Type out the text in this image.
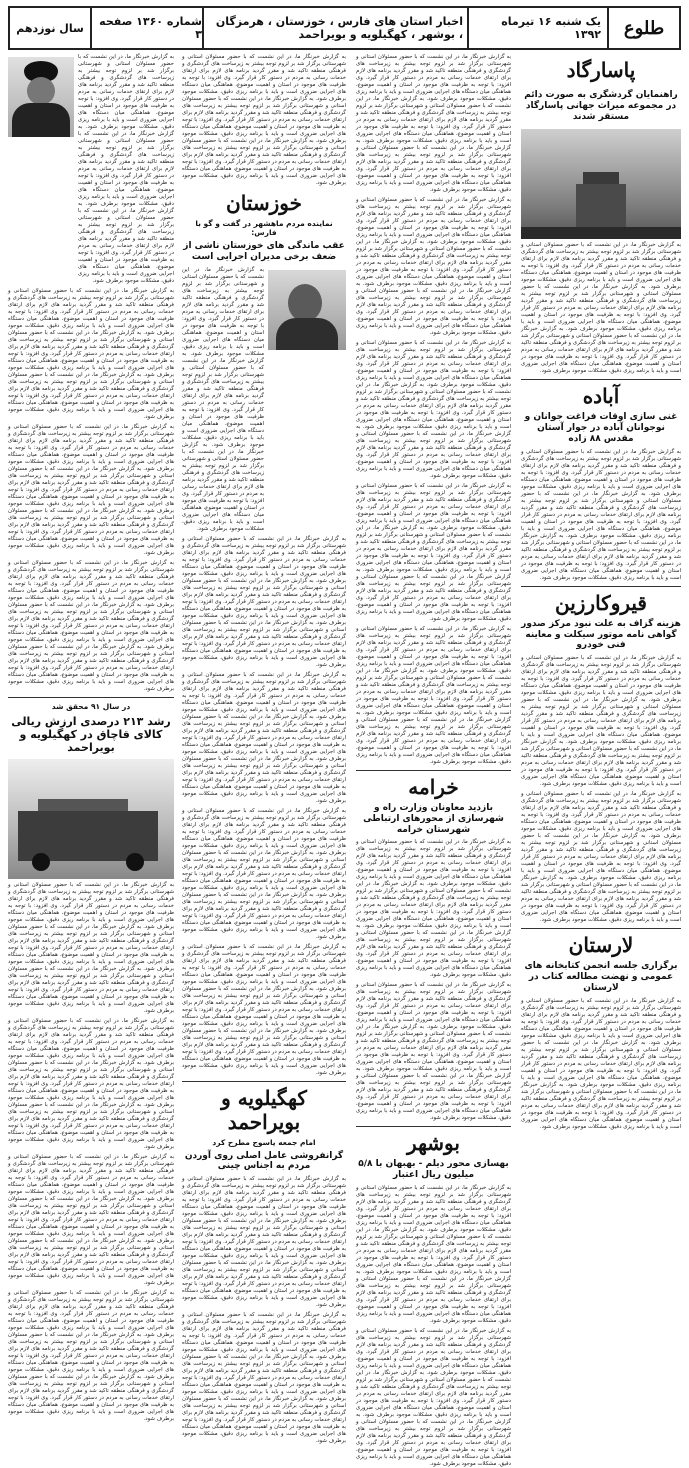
طلوع
یک شنبه ۱۶ تیرماه ۱۳۹۲
اخبار استان های فارس ، خوزستان ، هرمزگان ، بوشهر ، کهگیلویه و بویراحمد
شماره ۱۳۶۰ صفحه ۳
سال نوزدهم
پاسارگاد
راهنمایان گردشگری به صورت دائم در مجموعه میراث جهانی پاسارگاد مستقر شدند

به گزارش خبرنگار ما، در این نشست که با حضور مسئولان استانی و شهرستانی برگزار شد بر لزوم توجه بیشتر به زیرساخت های گردشگری و فرهنگی منطقه تاکید شد و مقرر گردید برنامه های لازم برای ارتقای خدمات رسانی به مردم در دستور کار قرار گیرد. وی افزود: با توجه به ظرفیت های موجود در استان و اهمیت موضوع، هماهنگی میان دستگاه های اجرایی ضروری است و باید با برنامه ریزی دقیق، مشکلات موجود برطرف شود. به گزارش خبرنگار ما، در این نشست که با حضور مسئولان استانی و شهرستانی برگزار شد بر لزوم توجه بیشتر به زیرساخت های گردشگری و فرهنگی منطقه تاکید شد و مقرر گردید برنامه های لازم برای ارتقای خدمات رسانی به مردم در دستور کار قرار گیرد. وی افزود: با توجه به ظرفیت های موجود در استان و اهمیت موضوع، هماهنگی میان دستگاه های اجرایی ضروری است و باید با برنامه ریزی دقیق، مشکلات موجود برطرف شود. به گزارش خبرنگار ما، در این نشست که با حضور مسئولان استانی و شهرستانی برگزار شد بر لزوم توجه بیشتر به زیرساخت های گردشگری و فرهنگی منطقه تاکید شد و مقرر گردید برنامه های لازم برای ارتقای خدمات رسانی به مردم در دستور کار قرار گیرد. وی افزود: با توجه به ظرفیت های موجود در استان و اهمیت موضوع، هماهنگی میان دستگاه های اجرایی ضروری است و باید با برنامه ریزی دقیق، مشکلات موجود برطرف شود.

آباده
غنی سازی اوقات فراغت جوانان و نوجوانان آباده در جوار آستان مقدس ۸۸ زاده

به گزارش خبرنگار ما، در این نشست که با حضور مسئولان استانی و شهرستانی برگزار شد بر لزوم توجه بیشتر به زیرساخت های گردشگری و فرهنگی منطقه تاکید شد و مقرر گردید برنامه های لازم برای ارتقای خدمات رسانی به مردم در دستور کار قرار گیرد. وی افزود: با توجه به ظرفیت های موجود در استان و اهمیت موضوع، هماهنگی میان دستگاه های اجرایی ضروری است و باید با برنامه ریزی دقیق، مشکلات موجود برطرف شود. به گزارش خبرنگار ما، در این نشست که با حضور مسئولان استانی و شهرستانی برگزار شد بر لزوم توجه بیشتر به زیرساخت های گردشگری و فرهنگی منطقه تاکید شد و مقرر گردید برنامه های لازم برای ارتقای خدمات رسانی به مردم در دستور کار قرار گیرد. وی افزود: با توجه به ظرفیت های موجود در استان و اهمیت موضوع، هماهنگی میان دستگاه های اجرایی ضروری است و باید با برنامه ریزی دقیق، مشکلات موجود برطرف شود. به گزارش خبرنگار ما، در این نشست که با حضور مسئولان استانی و شهرستانی برگزار شد بر لزوم توجه بیشتر به زیرساخت های گردشگری و فرهنگی منطقه تاکید شد و مقرر گردید برنامه های لازم برای ارتقای خدمات رسانی به مردم در دستور کار قرار گیرد. وی افزود: با توجه به ظرفیت های موجود در استان و اهمیت موضوع، هماهنگی میان دستگاه های اجرایی ضروری است و باید با برنامه ریزی دقیق، مشکلات موجود برطرف شود.

قیروکارزین
هزینه گزاف به علت نبود مرکز صدور گواهی نامه موتور سیکلت و معاینه فنی خودرو

به گزارش خبرنگار ما، در این نشست که با حضور مسئولان استانی و شهرستانی برگزار شد بر لزوم توجه بیشتر به زیرساخت های گردشگری و فرهنگی منطقه تاکید شد و مقرر گردید برنامه های لازم برای ارتقای خدمات رسانی به مردم در دستور کار قرار گیرد. وی افزود: با توجه به ظرفیت های موجود در استان و اهمیت موضوع، هماهنگی میان دستگاه های اجرایی ضروری است و باید با برنامه ریزی دقیق، مشکلات موجود برطرف شود. به گزارش خبرنگار ما، در این نشست که با حضور مسئولان استانی و شهرستانی برگزار شد بر لزوم توجه بیشتر به زیرساخت های گردشگری و فرهنگی منطقه تاکید شد و مقرر گردید برنامه های لازم برای ارتقای خدمات رسانی به مردم در دستور کار قرار گیرد. وی افزود: با توجه به ظرفیت های موجود در استان و اهمیت موضوع، هماهنگی میان دستگاه های اجرایی ضروری است و باید با برنامه ریزی دقیق، مشکلات موجود برطرف شود. به گزارش خبرنگار ما، در این نشست که با حضور مسئولان استانی و شهرستانی برگزار شد بر لزوم توجه بیشتر به زیرساخت های گردشگری و فرهنگی منطقه تاکید شد و مقرر گردید برنامه های لازم برای ارتقای خدمات رسانی به مردم در دستور کار قرار گیرد. وی افزود: با توجه به ظرفیت های موجود در استان و اهمیت موضوع، هماهنگی میان دستگاه های اجرایی ضروری است و باید با برنامه ریزی دقیق، مشکلات موجود برطرف شود.

به گزارش خبرنگار ما، در این نشست که با حضور مسئولان استانی و شهرستانی برگزار شد بر لزوم توجه بیشتر به زیرساخت های گردشگری و فرهنگی منطقه تاکید شد و مقرر گردید برنامه های لازم برای ارتقای خدمات رسانی به مردم در دستور کار قرار گیرد. وی افزود: با توجه به ظرفیت های موجود در استان و اهمیت موضوع، هماهنگی میان دستگاه های اجرایی ضروری است و باید با برنامه ریزی دقیق، مشکلات موجود برطرف شود. به گزارش خبرنگار ما، در این نشست که با حضور مسئولان استانی و شهرستانی برگزار شد بر لزوم توجه بیشتر به زیرساخت های گردشگری و فرهنگی منطقه تاکید شد و مقرر گردید برنامه های لازم برای ارتقای خدمات رسانی به مردم در دستور کار قرار گیرد. وی افزود: با توجه به ظرفیت های موجود در استان و اهمیت موضوع، هماهنگی میان دستگاه های اجرایی ضروری است و باید با برنامه ریزی دقیق، مشکلات موجود برطرف شود. به گزارش خبرنگار ما، در این نشست که با حضور مسئولان استانی و شهرستانی برگزار شد بر لزوم توجه بیشتر به زیرساخت های گردشگری و فرهنگی منطقه تاکید شد و مقرر گردید برنامه های لازم برای ارتقای خدمات رسانی به مردم در دستور کار قرار گیرد. وی افزود: با توجه به ظرفیت های موجود در استان و اهمیت موضوع، هماهنگی میان دستگاه های اجرایی ضروری است و باید با برنامه ریزی دقیق، مشکلات موجود برطرف شود.

لارستان
برگزاری جلسه انجمن کتابخانه های عمومی و نهضت مطالعه کتاب در لارستان

به گزارش خبرنگار ما، در این نشست که با حضور مسئولان استانی و شهرستانی برگزار شد بر لزوم توجه بیشتر به زیرساخت های گردشگری و فرهنگی منطقه تاکید شد و مقرر گردید برنامه های لازم برای ارتقای خدمات رسانی به مردم در دستور کار قرار گیرد. وی افزود: با توجه به ظرفیت های موجود در استان و اهمیت موضوع، هماهنگی میان دستگاه های اجرایی ضروری است و باید با برنامه ریزی دقیق، مشکلات موجود برطرف شود. به گزارش خبرنگار ما، در این نشست که با حضور مسئولان استانی و شهرستانی برگزار شد بر لزوم توجه بیشتر به زیرساخت های گردشگری و فرهنگی منطقه تاکید شد و مقرر گردید برنامه های لازم برای ارتقای خدمات رسانی به مردم در دستور کار قرار گیرد. وی افزود: با توجه به ظرفیت های موجود در استان و اهمیت موضوع، هماهنگی میان دستگاه های اجرایی ضروری است و باید با برنامه ریزی دقیق، مشکلات موجود برطرف شود. به گزارش خبرنگار ما، در این نشست که با حضور مسئولان استانی و شهرستانی برگزار شد بر لزوم توجه بیشتر به زیرساخت های گردشگری و فرهنگی منطقه تاکید شد و مقرر گردید برنامه های لازم برای ارتقای خدمات رسانی به مردم در دستور کار قرار گیرد. وی افزود: با توجه به ظرفیت های موجود در استان و اهمیت موضوع، هماهنگی میان دستگاه های اجرایی ضروری است و باید با برنامه ریزی دقیق، مشکلات موجود برطرف شود.

به گزارش خبرنگار ما، در این نشست که با حضور مسئولان استانی و شهرستانی برگزار شد بر لزوم توجه بیشتر به زیرساخت های گردشگری و فرهنگی منطقه تاکید شد و مقرر گردید برنامه های لازم برای ارتقای خدمات رسانی به مردم در دستور کار قرار گیرد. وی افزود: با توجه به ظرفیت های موجود در استان و اهمیت موضوع، هماهنگی میان دستگاه های اجرایی ضروری است و باید با برنامه ریزی دقیق، مشکلات موجود برطرف شود. به گزارش خبرنگار ما، در این نشست که با حضور مسئولان استانی و شهرستانی برگزار شد بر لزوم توجه بیشتر به زیرساخت های گردشگری و فرهنگی منطقه تاکید شد و مقرر گردید برنامه های لازم برای ارتقای خدمات رسانی به مردم در دستور کار قرار گیرد. وی افزود: با توجه به ظرفیت های موجود در استان و اهمیت موضوع، هماهنگی میان دستگاه های اجرایی ضروری است و باید با برنامه ریزی دقیق، مشکلات موجود برطرف شود. به گزارش خبرنگار ما، در این نشست که با حضور مسئولان استانی و شهرستانی برگزار شد بر لزوم توجه بیشتر به زیرساخت های گردشگری و فرهنگی منطقه تاکید شد و مقرر گردید برنامه های لازم برای ارتقای خدمات رسانی به مردم در دستور کار قرار گیرد. وی افزود: با توجه به ظرفیت های موجود در استان و اهمیت موضوع، هماهنگی میان دستگاه های اجرایی ضروری است و باید با برنامه ریزی دقیق، مشکلات موجود برطرف شود.

به گزارش خبرنگار ما، در این نشست که با حضور مسئولان استانی و شهرستانی برگزار شد بر لزوم توجه بیشتر به زیرساخت های گردشگری و فرهنگی منطقه تاکید شد و مقرر گردید برنامه های لازم برای ارتقای خدمات رسانی به مردم در دستور کار قرار گیرد. وی افزود: با توجه به ظرفیت های موجود در استان و اهمیت موضوع، هماهنگی میان دستگاه های اجرایی ضروری است و باید با برنامه ریزی دقیق، مشکلات موجود برطرف شود. به گزارش خبرنگار ما، در این نشست که با حضور مسئولان استانی و شهرستانی برگزار شد بر لزوم توجه بیشتر به زیرساخت های گردشگری و فرهنگی منطقه تاکید شد و مقرر گردید برنامه های لازم برای ارتقای خدمات رسانی به مردم در دستور کار قرار گیرد. وی افزود: با توجه به ظرفیت های موجود در استان و اهمیت موضوع، هماهنگی میان دستگاه های اجرایی ضروری است و باید با برنامه ریزی دقیق، مشکلات موجود برطرف شود. به گزارش خبرنگار ما، در این نشست که با حضور مسئولان استانی و شهرستانی برگزار شد بر لزوم توجه بیشتر به زیرساخت های گردشگری و فرهنگی منطقه تاکید شد و مقرر گردید برنامه های لازم برای ارتقای خدمات رسانی به مردم در دستور کار قرار گیرد. وی افزود: با توجه به ظرفیت های موجود در استان و اهمیت موضوع، هماهنگی میان دستگاه های اجرایی ضروری است و باید با برنامه ریزی دقیق، مشکلات موجود برطرف شود.

به گزارش خبرنگار ما، در این نشست که با حضور مسئولان استانی و شهرستانی برگزار شد بر لزوم توجه بیشتر به زیرساخت های گردشگری و فرهنگی منطقه تاکید شد و مقرر گردید برنامه های لازم برای ارتقای خدمات رسانی به مردم در دستور کار قرار گیرد. وی افزود: با توجه به ظرفیت های موجود در استان و اهمیت موضوع، هماهنگی میان دستگاه های اجرایی ضروری است و باید با برنامه ریزی دقیق، مشکلات موجود برطرف شود. به گزارش خبرنگار ما، در این نشست که با حضور مسئولان استانی و شهرستانی برگزار شد بر لزوم توجه بیشتر به زیرساخت های گردشگری و فرهنگی منطقه تاکید شد و مقرر گردید برنامه های لازم برای ارتقای خدمات رسانی به مردم در دستور کار قرار گیرد. وی افزود: با توجه به ظرفیت های موجود در استان و اهمیت موضوع، هماهنگی میان دستگاه های اجرایی ضروری است و باید با برنامه ریزی دقیق، مشکلات موجود برطرف شود. به گزارش خبرنگار ما، در این نشست که با حضور مسئولان استانی و شهرستانی برگزار شد بر لزوم توجه بیشتر به زیرساخت های گردشگری و فرهنگی منطقه تاکید شد و مقرر گردید برنامه های لازم برای ارتقای خدمات رسانی به مردم در دستور کار قرار گیرد. وی افزود: با توجه به ظرفیت های موجود در استان و اهمیت موضوع، هماهنگی میان دستگاه های اجرایی ضروری است و باید با برنامه ریزی دقیق، مشکلات موجود برطرف شود.

به گزارش خبرنگار ما، در این نشست که با حضور مسئولان استانی و شهرستانی برگزار شد بر لزوم توجه بیشتر به زیرساخت های گردشگری و فرهنگی منطقه تاکید شد و مقرر گردید برنامه های لازم برای ارتقای خدمات رسانی به مردم در دستور کار قرار گیرد. وی افزود: با توجه به ظرفیت های موجود در استان و اهمیت موضوع، هماهنگی میان دستگاه های اجرایی ضروری است و باید با برنامه ریزی دقیق، مشکلات موجود برطرف شود. به گزارش خبرنگار ما، در این نشست که با حضور مسئولان استانی و شهرستانی برگزار شد بر لزوم توجه بیشتر به زیرساخت های گردشگری و فرهنگی منطقه تاکید شد و مقرر گردید برنامه های لازم برای ارتقای خدمات رسانی به مردم در دستور کار قرار گیرد. وی افزود: با توجه به ظرفیت های موجود در استان و اهمیت موضوع، هماهنگی میان دستگاه های اجرایی ضروری است و باید با برنامه ریزی دقیق، مشکلات موجود برطرف شود. به گزارش خبرنگار ما، در این نشست که با حضور مسئولان استانی و شهرستانی برگزار شد بر لزوم توجه بیشتر به زیرساخت های گردشگری و فرهنگی منطقه تاکید شد و مقرر گردید برنامه های لازم برای ارتقای خدمات رسانی به مردم در دستور کار قرار گیرد. وی افزود: با توجه به ظرفیت های موجود در استان و اهمیت موضوع، هماهنگی میان دستگاه های اجرایی ضروری است و باید با برنامه ریزی دقیق، مشکلات موجود برطرف شود.

به گزارش خبرنگار ما، در این نشست که با حضور مسئولان استانی و شهرستانی برگزار شد بر لزوم توجه بیشتر به زیرساخت های گردشگری و فرهنگی منطقه تاکید شد و مقرر گردید برنامه های لازم برای ارتقای خدمات رسانی به مردم در دستور کار قرار گیرد. وی افزود: با توجه به ظرفیت های موجود در استان و اهمیت موضوع، هماهنگی میان دستگاه های اجرایی ضروری است و باید با برنامه ریزی دقیق، مشکلات موجود برطرف شود. به گزارش خبرنگار ما، در این نشست که با حضور مسئولان استانی و شهرستانی برگزار شد بر لزوم توجه بیشتر به زیرساخت های گردشگری و فرهنگی منطقه تاکید شد و مقرر گردید برنامه های لازم برای ارتقای خدمات رسانی به مردم در دستور کار قرار گیرد. وی افزود: با توجه به ظرفیت های موجود در استان و اهمیت موضوع، هماهنگی میان دستگاه های اجرایی ضروری است و باید با برنامه ریزی دقیق، مشکلات موجود برطرف شود. به گزارش خبرنگار ما، در این نشست که با حضور مسئولان استانی و شهرستانی برگزار شد بر لزوم توجه بیشتر به زیرساخت های گردشگری و فرهنگی منطقه تاکید شد و مقرر گردید برنامه های لازم برای ارتقای خدمات رسانی به مردم در دستور کار قرار گیرد. وی افزود: با توجه به ظرفیت های موجود در استان و اهمیت موضوع، هماهنگی میان دستگاه های اجرایی ضروری است و باید با برنامه ریزی دقیق، مشکلات موجود برطرف شود.

خرامه
بازدید معاونان وزارت راه و شهرسازی از محورهای ارتباطی شهرستان خرامه

به گزارش خبرنگار ما، در این نشست که با حضور مسئولان استانی و شهرستانی برگزار شد بر لزوم توجه بیشتر به زیرساخت های گردشگری و فرهنگی منطقه تاکید شد و مقرر گردید برنامه های لازم برای ارتقای خدمات رسانی به مردم در دستور کار قرار گیرد. وی افزود: با توجه به ظرفیت های موجود در استان و اهمیت موضوع، هماهنگی میان دستگاه های اجرایی ضروری است و باید با برنامه ریزی دقیق، مشکلات موجود برطرف شود. به گزارش خبرنگار ما، در این نشست که با حضور مسئولان استانی و شهرستانی برگزار شد بر لزوم توجه بیشتر به زیرساخت های گردشگری و فرهنگی منطقه تاکید شد و مقرر گردید برنامه های لازم برای ارتقای خدمات رسانی به مردم در دستور کار قرار گیرد. وی افزود: با توجه به ظرفیت های موجود در استان و اهمیت موضوع، هماهنگی میان دستگاه های اجرایی ضروری است و باید با برنامه ریزی دقیق، مشکلات موجود برطرف شود. به گزارش خبرنگار ما، در این نشست که با حضور مسئولان استانی و شهرستانی برگزار شد بر لزوم توجه بیشتر به زیرساخت های گردشگری و فرهنگی منطقه تاکید شد و مقرر گردید برنامه های لازم برای ارتقای خدمات رسانی به مردم در دستور کار قرار گیرد. وی افزود: با توجه به ظرفیت های موجود در استان و اهمیت موضوع، هماهنگی میان دستگاه های اجرایی ضروری است و باید با برنامه ریزی دقیق، مشکلات موجود برطرف شود.

به گزارش خبرنگار ما، در این نشست که با حضور مسئولان استانی و شهرستانی برگزار شد بر لزوم توجه بیشتر به زیرساخت های گردشگری و فرهنگی منطقه تاکید شد و مقرر گردید برنامه های لازم برای ارتقای خدمات رسانی به مردم در دستور کار قرار گیرد. وی افزود: با توجه به ظرفیت های موجود در استان و اهمیت موضوع، هماهنگی میان دستگاه های اجرایی ضروری است و باید با برنامه ریزی دقیق، مشکلات موجود برطرف شود. به گزارش خبرنگار ما، در این نشست که با حضور مسئولان استانی و شهرستانی برگزار شد بر لزوم توجه بیشتر به زیرساخت های گردشگری و فرهنگی منطقه تاکید شد و مقرر گردید برنامه های لازم برای ارتقای خدمات رسانی به مردم در دستور کار قرار گیرد. وی افزود: با توجه به ظرفیت های موجود در استان و اهمیت موضوع، هماهنگی میان دستگاه های اجرایی ضروری است و باید با برنامه ریزی دقیق، مشکلات موجود برطرف شود. به گزارش خبرنگار ما، در این نشست که با حضور مسئولان استانی و شهرستانی برگزار شد بر لزوم توجه بیشتر به زیرساخت های گردشگری و فرهنگی منطقه تاکید شد و مقرر گردید برنامه های لازم برای ارتقای خدمات رسانی به مردم در دستور کار قرار گیرد. وی افزود: با توجه به ظرفیت های موجود در استان و اهمیت موضوع، هماهنگی میان دستگاه های اجرایی ضروری است و باید با برنامه ریزی دقیق، مشکلات موجود برطرف شود.

بوشهر
بهسازی محور دیلم - بهبهان با ۵/۸ میلیون ریال اعتبار

به گزارش خبرنگار ما، در این نشست که با حضور مسئولان استانی و شهرستانی برگزار شد بر لزوم توجه بیشتر به زیرساخت های گردشگری و فرهنگی منطقه تاکید شد و مقرر گردید برنامه های لازم برای ارتقای خدمات رسانی به مردم در دستور کار قرار گیرد. وی افزود: با توجه به ظرفیت های موجود در استان و اهمیت موضوع، هماهنگی میان دستگاه های اجرایی ضروری است و باید با برنامه ریزی دقیق، مشکلات موجود برطرف شود. به گزارش خبرنگار ما، در این نشست که با حضور مسئولان استانی و شهرستانی برگزار شد بر لزوم توجه بیشتر به زیرساخت های گردشگری و فرهنگی منطقه تاکید شد و مقرر گردید برنامه های لازم برای ارتقای خدمات رسانی به مردم در دستور کار قرار گیرد. وی افزود: با توجه به ظرفیت های موجود در استان و اهمیت موضوع، هماهنگی میان دستگاه های اجرایی ضروری است و باید با برنامه ریزی دقیق، مشکلات موجود برطرف شود. به گزارش خبرنگار ما، در این نشست که با حضور مسئولان استانی و شهرستانی برگزار شد بر لزوم توجه بیشتر به زیرساخت های گردشگری و فرهنگی منطقه تاکید شد و مقرر گردید برنامه های لازم برای ارتقای خدمات رسانی به مردم در دستور کار قرار گیرد. وی افزود: با توجه به ظرفیت های موجود در استان و اهمیت موضوع، هماهنگی میان دستگاه های اجرایی ضروری است و باید با برنامه ریزی دقیق، مشکلات موجود برطرف شود.

به گزارش خبرنگار ما، در این نشست که با حضور مسئولان استانی و شهرستانی برگزار شد بر لزوم توجه بیشتر به زیرساخت های گردشگری و فرهنگی منطقه تاکید شد و مقرر گردید برنامه های لازم برای ارتقای خدمات رسانی به مردم در دستور کار قرار گیرد. وی افزود: با توجه به ظرفیت های موجود در استان و اهمیت موضوع، هماهنگی میان دستگاه های اجرایی ضروری است و باید با برنامه ریزی دقیق، مشکلات موجود برطرف شود. به گزارش خبرنگار ما، در این نشست که با حضور مسئولان استانی و شهرستانی برگزار شد بر لزوم توجه بیشتر به زیرساخت های گردشگری و فرهنگی منطقه تاکید شد و مقرر گردید برنامه های لازم برای ارتقای خدمات رسانی به مردم در دستور کار قرار گیرد. وی افزود: با توجه به ظرفیت های موجود در استان و اهمیت موضوع، هماهنگی میان دستگاه های اجرایی ضروری است و باید با برنامه ریزی دقیق، مشکلات موجود برطرف شود. به گزارش خبرنگار ما، در این نشست که با حضور مسئولان استانی و شهرستانی برگزار شد بر لزوم توجه بیشتر به زیرساخت های گردشگری و فرهنگی منطقه تاکید شد و مقرر گردید برنامه های لازم برای ارتقای خدمات رسانی به مردم در دستور کار قرار گیرد. وی افزود: با توجه به ظرفیت های موجود در استان و اهمیت موضوع، هماهنگی میان دستگاه های اجرایی ضروری است و باید با برنامه ریزی دقیق، مشکلات موجود برطرف شود.

به گزارش خبرنگار ما، در این نشست که با حضور مسئولان استانی و شهرستانی برگزار شد بر لزوم توجه بیشتر به زیرساخت های گردشگری و فرهنگی منطقه تاکید شد و مقرر گردید برنامه های لازم برای ارتقای خدمات رسانی به مردم در دستور کار قرار گیرد. وی افزود: با توجه به ظرفیت های موجود در استان و اهمیت موضوع، هماهنگی میان دستگاه های اجرایی ضروری است و باید با برنامه ریزی دقیق، مشکلات موجود برطرف شود. به گزارش خبرنگار ما، در این نشست که با حضور مسئولان استانی و شهرستانی برگزار شد بر لزوم توجه بیشتر به زیرساخت های گردشگری و فرهنگی منطقه تاکید شد و مقرر گردید برنامه های لازم برای ارتقای خدمات رسانی به مردم در دستور کار قرار گیرد. وی افزود: با توجه به ظرفیت های موجود در استان و اهمیت موضوع، هماهنگی میان دستگاه های اجرایی ضروری است و باید با برنامه ریزی دقیق، مشکلات موجود برطرف شود. به گزارش خبرنگار ما، در این نشست که با حضور مسئولان استانی و شهرستانی برگزار شد بر لزوم توجه بیشتر به زیرساخت های گردشگری و فرهنگی منطقه تاکید شد و مقرر گردید برنامه های لازم برای ارتقای خدمات رسانی به مردم در دستور کار قرار گیرد. وی افزود: با توجه به ظرفیت های موجود در استان و اهمیت موضوع، هماهنگی میان دستگاه های اجرایی ضروری است و باید با برنامه ریزی دقیق، مشکلات موجود برطرف شود.

خوزستان
نماینده مردم ماهشهر در گفت و گو با فارس:
عقب ماندگی های خوزستان ناشی از ضعف برخی مدیران اجرایی است

به گزارش خبرنگار ما، در این نشست که با حضور مسئولان استانی و شهرستانی برگزار شد بر لزوم توجه بیشتر به زیرساخت های گردشگری و فرهنگی منطقه تاکید شد و مقرر گردید برنامه های لازم برای ارتقای خدمات رسانی به مردم در دستور کار قرار گیرد. وی افزود: با توجه به ظرفیت های موجود در استان و اهمیت موضوع، هماهنگی میان دستگاه های اجرایی ضروری است و باید با برنامه ریزی دقیق، مشکلات موجود برطرف شود. به گزارش خبرنگار ما، در این نشست که با حضور مسئولان استانی و شهرستانی برگزار شد بر لزوم توجه بیشتر به زیرساخت های گردشگری و فرهنگی منطقه تاکید شد و مقرر گردید برنامه های لازم برای ارتقای خدمات رسانی به مردم در دستور کار قرار گیرد. وی افزود: با توجه به ظرفیت های موجود در استان و اهمیت موضوع، هماهنگی میان دستگاه های اجرایی ضروری است و باید با برنامه ریزی دقیق، مشکلات موجود برطرف شود. به گزارش خبرنگار ما، در این نشست که با حضور مسئولان استانی و شهرستانی برگزار شد بر لزوم توجه بیشتر به زیرساخت های گردشگری و فرهنگی منطقه تاکید شد و مقرر گردید برنامه های لازم برای ارتقای خدمات رسانی به مردم در دستور کار قرار گیرد. وی افزود: با توجه به ظرفیت های موجود در استان و اهمیت موضوع، هماهنگی میان دستگاه های اجرایی ضروری است و باید با برنامه ریزی دقیق، مشکلات موجود برطرف شود.

به گزارش خبرنگار ما، در این نشست که با حضور مسئولان استانی و شهرستانی برگزار شد بر لزوم توجه بیشتر به زیرساخت های گردشگری و فرهنگی منطقه تاکید شد و مقرر گردید برنامه های لازم برای ارتقای خدمات رسانی به مردم در دستور کار قرار گیرد. وی افزود: با توجه به ظرفیت های موجود در استان و اهمیت موضوع، هماهنگی میان دستگاه های اجرایی ضروری است و باید با برنامه ریزی دقیق، مشکلات موجود برطرف شود. به گزارش خبرنگار ما، در این نشست که با حضور مسئولان استانی و شهرستانی برگزار شد بر لزوم توجه بیشتر به زیرساخت های گردشگری و فرهنگی منطقه تاکید شد و مقرر گردید برنامه های لازم برای ارتقای خدمات رسانی به مردم در دستور کار قرار گیرد. وی افزود: با توجه به ظرفیت های موجود در استان و اهمیت موضوع، هماهنگی میان دستگاه های اجرایی ضروری است و باید با برنامه ریزی دقیق، مشکلات موجود برطرف شود. به گزارش خبرنگار ما، در این نشست که با حضور مسئولان استانی و شهرستانی برگزار شد بر لزوم توجه بیشتر به زیرساخت های گردشگری و فرهنگی منطقه تاکید شد و مقرر گردید برنامه های لازم برای ارتقای خدمات رسانی به مردم در دستور کار قرار گیرد. وی افزود: با توجه به ظرفیت های موجود در استان و اهمیت موضوع، هماهنگی میان دستگاه های اجرایی ضروری است و باید با برنامه ریزی دقیق، مشکلات موجود برطرف شود.

به گزارش خبرنگار ما، در این نشست که با حضور مسئولان استانی و شهرستانی برگزار شد بر لزوم توجه بیشتر به زیرساخت های گردشگری و فرهنگی منطقه تاکید شد و مقرر گردید برنامه های لازم برای ارتقای خدمات رسانی به مردم در دستور کار قرار گیرد. وی افزود: با توجه به ظرفیت های موجود در استان و اهمیت موضوع، هماهنگی میان دستگاه های اجرایی ضروری است و باید با برنامه ریزی دقیق، مشکلات موجود برطرف شود. به گزارش خبرنگار ما، در این نشست که با حضور مسئولان استانی و شهرستانی برگزار شد بر لزوم توجه بیشتر به زیرساخت های گردشگری و فرهنگی منطقه تاکید شد و مقرر گردید برنامه های لازم برای ارتقای خدمات رسانی به مردم در دستور کار قرار گیرد. وی افزود: با توجه به ظرفیت های موجود در استان و اهمیت موضوع، هماهنگی میان دستگاه های اجرایی ضروری است و باید با برنامه ریزی دقیق، مشکلات موجود برطرف شود. به گزارش خبرنگار ما، در این نشست که با حضور مسئولان استانی و شهرستانی برگزار شد بر لزوم توجه بیشتر به زیرساخت های گردشگری و فرهنگی منطقه تاکید شد و مقرر گردید برنامه های لازم برای ارتقای خدمات رسانی به مردم در دستور کار قرار گیرد. وی افزود: با توجه به ظرفیت های موجود در استان و اهمیت موضوع، هماهنگی میان دستگاه های اجرایی ضروری است و باید با برنامه ریزی دقیق، مشکلات موجود برطرف شود.

به گزارش خبرنگار ما، در این نشست که با حضور مسئولان استانی و شهرستانی برگزار شد بر لزوم توجه بیشتر به زیرساخت های گردشگری و فرهنگی منطقه تاکید شد و مقرر گردید برنامه های لازم برای ارتقای خدمات رسانی به مردم در دستور کار قرار گیرد. وی افزود: با توجه به ظرفیت های موجود در استان و اهمیت موضوع، هماهنگی میان دستگاه های اجرایی ضروری است و باید با برنامه ریزی دقیق، مشکلات موجود برطرف شود. به گزارش خبرنگار ما، در این نشست که با حضور مسئولان استانی و شهرستانی برگزار شد بر لزوم توجه بیشتر به زیرساخت های گردشگری و فرهنگی منطقه تاکید شد و مقرر گردید برنامه های لازم برای ارتقای خدمات رسانی به مردم در دستور کار قرار گیرد. وی افزود: با توجه به ظرفیت های موجود در استان و اهمیت موضوع، هماهنگی میان دستگاه های اجرایی ضروری است و باید با برنامه ریزی دقیق، مشکلات موجود برطرف شود. به گزارش خبرنگار ما، در این نشست که با حضور مسئولان استانی و شهرستانی برگزار شد بر لزوم توجه بیشتر به زیرساخت های گردشگری و فرهنگی منطقه تاکید شد و مقرر گردید برنامه های لازم برای ارتقای خدمات رسانی به مردم در دستور کار قرار گیرد. وی افزود: با توجه به ظرفیت های موجود در استان و اهمیت موضوع، هماهنگی میان دستگاه های اجرایی ضروری است و باید با برنامه ریزی دقیق، مشکلات موجود برطرف شود.

به گزارش خبرنگار ما، در این نشست که با حضور مسئولان استانی و شهرستانی برگزار شد بر لزوم توجه بیشتر به زیرساخت های گردشگری و فرهنگی منطقه تاکید شد و مقرر گردید برنامه های لازم برای ارتقای خدمات رسانی به مردم در دستور کار قرار گیرد. وی افزود: با توجه به ظرفیت های موجود در استان و اهمیت موضوع، هماهنگی میان دستگاه های اجرایی ضروری است و باید با برنامه ریزی دقیق، مشکلات موجود برطرف شود. به گزارش خبرنگار ما، در این نشست که با حضور مسئولان استانی و شهرستانی برگزار شد بر لزوم توجه بیشتر به زیرساخت های گردشگری و فرهنگی منطقه تاکید شد و مقرر گردید برنامه های لازم برای ارتقای خدمات رسانی به مردم در دستور کار قرار گیرد. وی افزود: با توجه به ظرفیت های موجود در استان و اهمیت موضوع، هماهنگی میان دستگاه های اجرایی ضروری است و باید با برنامه ریزی دقیق، مشکلات موجود برطرف شود. به گزارش خبرنگار ما، در این نشست که با حضور مسئولان استانی و شهرستانی برگزار شد بر لزوم توجه بیشتر به زیرساخت های گردشگری و فرهنگی منطقه تاکید شد و مقرر گردید برنامه های لازم برای ارتقای خدمات رسانی به مردم در دستور کار قرار گیرد. وی افزود: با توجه به ظرفیت های موجود در استان و اهمیت موضوع، هماهنگی میان دستگاه های اجرایی ضروری است و باید با برنامه ریزی دقیق، مشکلات موجود برطرف شود.

کهگیلویه و بویراحمد
امام جمعه یاسوج مطرح کرد
گرانفروشی عامل اصلی روی آوردن مردم به اجناس چینی

به گزارش خبرنگار ما، در این نشست که با حضور مسئولان استانی و شهرستانی برگزار شد بر لزوم توجه بیشتر به زیرساخت های گردشگری و فرهنگی منطقه تاکید شد و مقرر گردید برنامه های لازم برای ارتقای خدمات رسانی به مردم در دستور کار قرار گیرد. وی افزود: با توجه به ظرفیت های موجود در استان و اهمیت موضوع، هماهنگی میان دستگاه های اجرایی ضروری است و باید با برنامه ریزی دقیق، مشکلات موجود برطرف شود. به گزارش خبرنگار ما، در این نشست که با حضور مسئولان استانی و شهرستانی برگزار شد بر لزوم توجه بیشتر به زیرساخت های گردشگری و فرهنگی منطقه تاکید شد و مقرر گردید برنامه های لازم برای ارتقای خدمات رسانی به مردم در دستور کار قرار گیرد. وی افزود: با توجه به ظرفیت های موجود در استان و اهمیت موضوع، هماهنگی میان دستگاه های اجرایی ضروری است و باید با برنامه ریزی دقیق، مشکلات موجود برطرف شود. به گزارش خبرنگار ما، در این نشست که با حضور مسئولان استانی و شهرستانی برگزار شد بر لزوم توجه بیشتر به زیرساخت های گردشگری و فرهنگی منطقه تاکید شد و مقرر گردید برنامه های لازم برای ارتقای خدمات رسانی به مردم در دستور کار قرار گیرد. وی افزود: با توجه به ظرفیت های موجود در استان و اهمیت موضوع، هماهنگی میان دستگاه های اجرایی ضروری است و باید با برنامه ریزی دقیق، مشکلات موجود برطرف شود.

به گزارش خبرنگار ما، در این نشست که با حضور مسئولان استانی و شهرستانی برگزار شد بر لزوم توجه بیشتر به زیرساخت های گردشگری و فرهنگی منطقه تاکید شد و مقرر گردید برنامه های لازم برای ارتقای خدمات رسانی به مردم در دستور کار قرار گیرد. وی افزود: با توجه به ظرفیت های موجود در استان و اهمیت موضوع، هماهنگی میان دستگاه های اجرایی ضروری است و باید با برنامه ریزی دقیق، مشکلات موجود برطرف شود. به گزارش خبرنگار ما، در این نشست که با حضور مسئولان استانی و شهرستانی برگزار شد بر لزوم توجه بیشتر به زیرساخت های گردشگری و فرهنگی منطقه تاکید شد و مقرر گردید برنامه های لازم برای ارتقای خدمات رسانی به مردم در دستور کار قرار گیرد. وی افزود: با توجه به ظرفیت های موجود در استان و اهمیت موضوع، هماهنگی میان دستگاه های اجرایی ضروری است و باید با برنامه ریزی دقیق، مشکلات موجود برطرف شود. به گزارش خبرنگار ما، در این نشست که با حضور مسئولان استانی و شهرستانی برگزار شد بر لزوم توجه بیشتر به زیرساخت های گردشگری و فرهنگی منطقه تاکید شد و مقرر گردید برنامه های لازم برای ارتقای خدمات رسانی به مردم در دستور کار قرار گیرد. وی افزود: با توجه به ظرفیت های موجود در استان و اهمیت موضوع، هماهنگی میان دستگاه های اجرایی ضروری است و باید با برنامه ریزی دقیق، مشکلات موجود برطرف شود.

به گزارش خبرنگار ما، در این نشست که با حضور مسئولان استانی و شهرستانی برگزار شد بر لزوم توجه بیشتر به زیرساخت های گردشگری و فرهنگی منطقه تاکید شد و مقرر گردید برنامه های لازم برای ارتقای خدمات رسانی به مردم در دستور کار قرار گیرد. وی افزود: با توجه به ظرفیت های موجود در استان و اهمیت موضوع، هماهنگی میان دستگاه های اجرایی ضروری است و باید با برنامه ریزی دقیق، مشکلات موجود برطرف شود. به گزارش خبرنگار ما، در این نشست که با حضور مسئولان استانی و شهرستانی برگزار شد بر لزوم توجه بیشتر به زیرساخت های گردشگری و فرهنگی منطقه تاکید شد و مقرر گردید برنامه های لازم برای ارتقای خدمات رسانی به مردم در دستور کار قرار گیرد. وی افزود: با توجه به ظرفیت های موجود در استان و اهمیت موضوع، هماهنگی میان دستگاه های اجرایی ضروری است و باید با برنامه ریزی دقیق، مشکلات موجود برطرف شود. به گزارش خبرنگار ما، در این نشست که با حضور مسئولان استانی و شهرستانی برگزار شد بر لزوم توجه بیشتر به زیرساخت های گردشگری و فرهنگی منطقه تاکید شد و مقرر گردید برنامه های لازم برای ارتقای خدمات رسانی به مردم در دستور کار قرار گیرد. وی افزود: با توجه به ظرفیت های موجود در استان و اهمیت موضوع، هماهنگی میان دستگاه های اجرایی ضروری است و باید با برنامه ریزی دقیق، مشکلات موجود برطرف شود.

به گزارش خبرنگار ما، در این نشست که با حضور مسئولان استانی و شهرستانی برگزار شد بر لزوم توجه بیشتر به زیرساخت های گردشگری و فرهنگی منطقه تاکید شد و مقرر گردید برنامه های لازم برای ارتقای خدمات رسانی به مردم در دستور کار قرار گیرد. وی افزود: با توجه به ظرفیت های موجود در استان و اهمیت موضوع، هماهنگی میان دستگاه های اجرایی ضروری است و باید با برنامه ریزی دقیق، مشکلات موجود برطرف شود. به گزارش خبرنگار ما، در این نشست که با حضور مسئولان استانی و شهرستانی برگزار شد بر لزوم توجه بیشتر به زیرساخت های گردشگری و فرهنگی منطقه تاکید شد و مقرر گردید برنامه های لازم برای ارتقای خدمات رسانی به مردم در دستور کار قرار گیرد. وی افزود: با توجه به ظرفیت های موجود در استان و اهمیت موضوع، هماهنگی میان دستگاه های اجرایی ضروری است و باید با برنامه ریزی دقیق، مشکلات موجود برطرف شود. به گزارش خبرنگار ما، در این نشست که با حضور مسئولان استانی و شهرستانی برگزار شد بر لزوم توجه بیشتر به زیرساخت های گردشگری و فرهنگی منطقه تاکید شد و مقرر گردید برنامه های لازم برای ارتقای خدمات رسانی به مردم در دستور کار قرار گیرد. وی افزود: با توجه به ظرفیت های موجود در استان و اهمیت موضوع، هماهنگی میان دستگاه های اجرایی ضروری است و باید با برنامه ریزی دقیق، مشکلات موجود برطرف شود.

به گزارش خبرنگار ما، در این نشست که با حضور مسئولان استانی و شهرستانی برگزار شد بر لزوم توجه بیشتر به زیرساخت های گردشگری و فرهنگی منطقه تاکید شد و مقرر گردید برنامه های لازم برای ارتقای خدمات رسانی به مردم در دستور کار قرار گیرد. وی افزود: با توجه به ظرفیت های موجود در استان و اهمیت موضوع، هماهنگی میان دستگاه های اجرایی ضروری است و باید با برنامه ریزی دقیق، مشکلات موجود برطرف شود. به گزارش خبرنگار ما، در این نشست که با حضور مسئولان استانی و شهرستانی برگزار شد بر لزوم توجه بیشتر به زیرساخت های گردشگری و فرهنگی منطقه تاکید شد و مقرر گردید برنامه های لازم برای ارتقای خدمات رسانی به مردم در دستور کار قرار گیرد. وی افزود: با توجه به ظرفیت های موجود در استان و اهمیت موضوع، هماهنگی میان دستگاه های اجرایی ضروری است و باید با برنامه ریزی دقیق، مشکلات موجود برطرف شود. به گزارش خبرنگار ما، در این نشست که با حضور مسئولان استانی و شهرستانی برگزار شد بر لزوم توجه بیشتر به زیرساخت های گردشگری و فرهنگی منطقه تاکید شد و مقرر گردید برنامه های لازم برای ارتقای خدمات رسانی به مردم در دستور کار قرار گیرد. وی افزود: با توجه به ظرفیت های موجود در استان و اهمیت موضوع، هماهنگی میان دستگاه های اجرایی ضروری است و باید با برنامه ریزی دقیق، مشکلات موجود برطرف شود.

به گزارش خبرنگار ما، در این نشست که با حضور مسئولان استانی و شهرستانی برگزار شد بر لزوم توجه بیشتر به زیرساخت های گردشگری و فرهنگی منطقه تاکید شد و مقرر گردید برنامه های لازم برای ارتقای خدمات رسانی به مردم در دستور کار قرار گیرد. وی افزود: با توجه به ظرفیت های موجود در استان و اهمیت موضوع، هماهنگی میان دستگاه های اجرایی ضروری است و باید با برنامه ریزی دقیق، مشکلات موجود برطرف شود. به گزارش خبرنگار ما، در این نشست که با حضور مسئولان استانی و شهرستانی برگزار شد بر لزوم توجه بیشتر به زیرساخت های گردشگری و فرهنگی منطقه تاکید شد و مقرر گردید برنامه های لازم برای ارتقای خدمات رسانی به مردم در دستور کار قرار گیرد. وی افزود: با توجه به ظرفیت های موجود در استان و اهمیت موضوع، هماهنگی میان دستگاه های اجرایی ضروری است و باید با برنامه ریزی دقیق، مشکلات موجود برطرف شود. به گزارش خبرنگار ما، در این نشست که با حضور مسئولان استانی و شهرستانی برگزار شد بر لزوم توجه بیشتر به زیرساخت های گردشگری و فرهنگی منطقه تاکید شد و مقرر گردید برنامه های لازم برای ارتقای خدمات رسانی به مردم در دستور کار قرار گیرد. وی افزود: با توجه به ظرفیت های موجود در استان و اهمیت موضوع، هماهنگی میان دستگاه های اجرایی ضروری است و باید با برنامه ریزی دقیق، مشکلات موجود برطرف شود.

در سال ۹۱ محقق شد
رشد ۲۱۳ درصدی ارزش ریالی کالای قاچاق در کهگیلویه و بویراحمد

به گزارش خبرنگار ما، در این نشست که با حضور مسئولان استانی و شهرستانی برگزار شد بر لزوم توجه بیشتر به زیرساخت های گردشگری و فرهنگی منطقه تاکید شد و مقرر گردید برنامه های لازم برای ارتقای خدمات رسانی به مردم در دستور کار قرار گیرد. وی افزود: با توجه به ظرفیت های موجود در استان و اهمیت موضوع، هماهنگی میان دستگاه های اجرایی ضروری است و باید با برنامه ریزی دقیق، مشکلات موجود برطرف شود. به گزارش خبرنگار ما، در این نشست که با حضور مسئولان استانی و شهرستانی برگزار شد بر لزوم توجه بیشتر به زیرساخت های گردشگری و فرهنگی منطقه تاکید شد و مقرر گردید برنامه های لازم برای ارتقای خدمات رسانی به مردم در دستور کار قرار گیرد. وی افزود: با توجه به ظرفیت های موجود در استان و اهمیت موضوع، هماهنگی میان دستگاه های اجرایی ضروری است و باید با برنامه ریزی دقیق، مشکلات موجود برطرف شود. به گزارش خبرنگار ما، در این نشست که با حضور مسئولان استانی و شهرستانی برگزار شد بر لزوم توجه بیشتر به زیرساخت های گردشگری و فرهنگی منطقه تاکید شد و مقرر گردید برنامه های لازم برای ارتقای خدمات رسانی به مردم در دستور کار قرار گیرد. وی افزود: با توجه به ظرفیت های موجود در استان و اهمیت موضوع، هماهنگی میان دستگاه های اجرایی ضروری است و باید با برنامه ریزی دقیق، مشکلات موجود برطرف شود.

به گزارش خبرنگار ما، در این نشست که با حضور مسئولان استانی و شهرستانی برگزار شد بر لزوم توجه بیشتر به زیرساخت های گردشگری و فرهنگی منطقه تاکید شد و مقرر گردید برنامه های لازم برای ارتقای خدمات رسانی به مردم در دستور کار قرار گیرد. وی افزود: با توجه به ظرفیت های موجود در استان و اهمیت موضوع، هماهنگی میان دستگاه های اجرایی ضروری است و باید با برنامه ریزی دقیق، مشکلات موجود برطرف شود. به گزارش خبرنگار ما، در این نشست که با حضور مسئولان استانی و شهرستانی برگزار شد بر لزوم توجه بیشتر به زیرساخت های گردشگری و فرهنگی منطقه تاکید شد و مقرر گردید برنامه های لازم برای ارتقای خدمات رسانی به مردم در دستور کار قرار گیرد. وی افزود: با توجه به ظرفیت های موجود در استان و اهمیت موضوع، هماهنگی میان دستگاه های اجرایی ضروری است و باید با برنامه ریزی دقیق، مشکلات موجود برطرف شود. به گزارش خبرنگار ما، در این نشست که با حضور مسئولان استانی و شهرستانی برگزار شد بر لزوم توجه بیشتر به زیرساخت های گردشگری و فرهنگی منطقه تاکید شد و مقرر گردید برنامه های لازم برای ارتقای خدمات رسانی به مردم در دستور کار قرار گیرد. وی افزود: با توجه به ظرفیت های موجود در استان و اهمیت موضوع، هماهنگی میان دستگاه های اجرایی ضروری است و باید با برنامه ریزی دقیق، مشکلات موجود برطرف شود.

به گزارش خبرنگار ما، در این نشست که با حضور مسئولان استانی و شهرستانی برگزار شد بر لزوم توجه بیشتر به زیرساخت های گردشگری و فرهنگی منطقه تاکید شد و مقرر گردید برنامه های لازم برای ارتقای خدمات رسانی به مردم در دستور کار قرار گیرد. وی افزود: با توجه به ظرفیت های موجود در استان و اهمیت موضوع، هماهنگی میان دستگاه های اجرایی ضروری است و باید با برنامه ریزی دقیق، مشکلات موجود برطرف شود. به گزارش خبرنگار ما، در این نشست که با حضور مسئولان استانی و شهرستانی برگزار شد بر لزوم توجه بیشتر به زیرساخت های گردشگری و فرهنگی منطقه تاکید شد و مقرر گردید برنامه های لازم برای ارتقای خدمات رسانی به مردم در دستور کار قرار گیرد. وی افزود: با توجه به ظرفیت های موجود در استان و اهمیت موضوع، هماهنگی میان دستگاه های اجرایی ضروری است و باید با برنامه ریزی دقیق، مشکلات موجود برطرف شود. به گزارش خبرنگار ما، در این نشست که با حضور مسئولان استانی و شهرستانی برگزار شد بر لزوم توجه بیشتر به زیرساخت های گردشگری و فرهنگی منطقه تاکید شد و مقرر گردید برنامه های لازم برای ارتقای خدمات رسانی به مردم در دستور کار قرار گیرد. وی افزود: با توجه به ظرفیت های موجود در استان و اهمیت موضوع، هماهنگی میان دستگاه های اجرایی ضروری است و باید با برنامه ریزی دقیق، مشکلات موجود برطرف شود.

به گزارش خبرنگار ما، در این نشست که با حضور مسئولان استانی و شهرستانی برگزار شد بر لزوم توجه بیشتر به زیرساخت های گردشگری و فرهنگی منطقه تاکید شد و مقرر گردید برنامه های لازم برای ارتقای خدمات رسانی به مردم در دستور کار قرار گیرد. وی افزود: با توجه به ظرفیت های موجود در استان و اهمیت موضوع، هماهنگی میان دستگاه های اجرایی ضروری است و باید با برنامه ریزی دقیق، مشکلات موجود برطرف شود. به گزارش خبرنگار ما، در این نشست که با حضور مسئولان استانی و شهرستانی برگزار شد بر لزوم توجه بیشتر به زیرساخت های گردشگری و فرهنگی منطقه تاکید شد و مقرر گردید برنامه های لازم برای ارتقای خدمات رسانی به مردم در دستور کار قرار گیرد. وی افزود: با توجه به ظرفیت های موجود در استان و اهمیت موضوع، هماهنگی میان دستگاه های اجرایی ضروری است و باید با برنامه ریزی دقیق، مشکلات موجود برطرف شود. به گزارش خبرنگار ما، در این نشست که با حضور مسئولان استانی و شهرستانی برگزار شد بر لزوم توجه بیشتر به زیرساخت های گردشگری و فرهنگی منطقه تاکید شد و مقرر گردید برنامه های لازم برای ارتقای خدمات رسانی به مردم در دستور کار قرار گیرد. وی افزود: با توجه به ظرفیت های موجود در استان و اهمیت موضوع، هماهنگی میان دستگاه های اجرایی ضروری است و باید با برنامه ریزی دقیق، مشکلات موجود برطرف شود.
